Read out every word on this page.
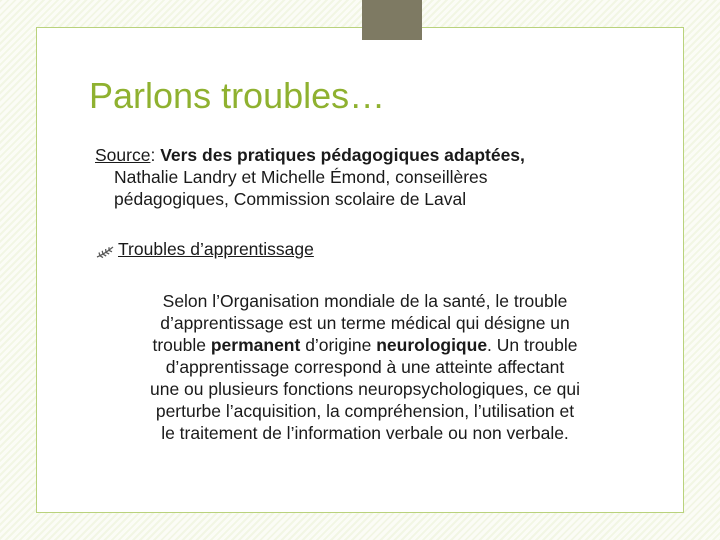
Parlons troubles…
Source: Vers des pratiques pédagogiques adaptées,
Nathalie Landry et Michelle Émond, conseillères
pédagogiques, Commission scolaire de Laval
Troubles d’apprentissage
Selon l’Organisation mondiale de la santé, le trouble
d’apprentissage est un terme médical qui désigne un
trouble permanent d’origine neurologique. Un trouble
d’apprentissage correspond à une atteinte affectant
une ou plusieurs fonctions neuropsychologiques, ce qui
perturbe l’acquisition, la compréhension, l’utilisation et
le traitement de l’information verbale ou non verbale.
